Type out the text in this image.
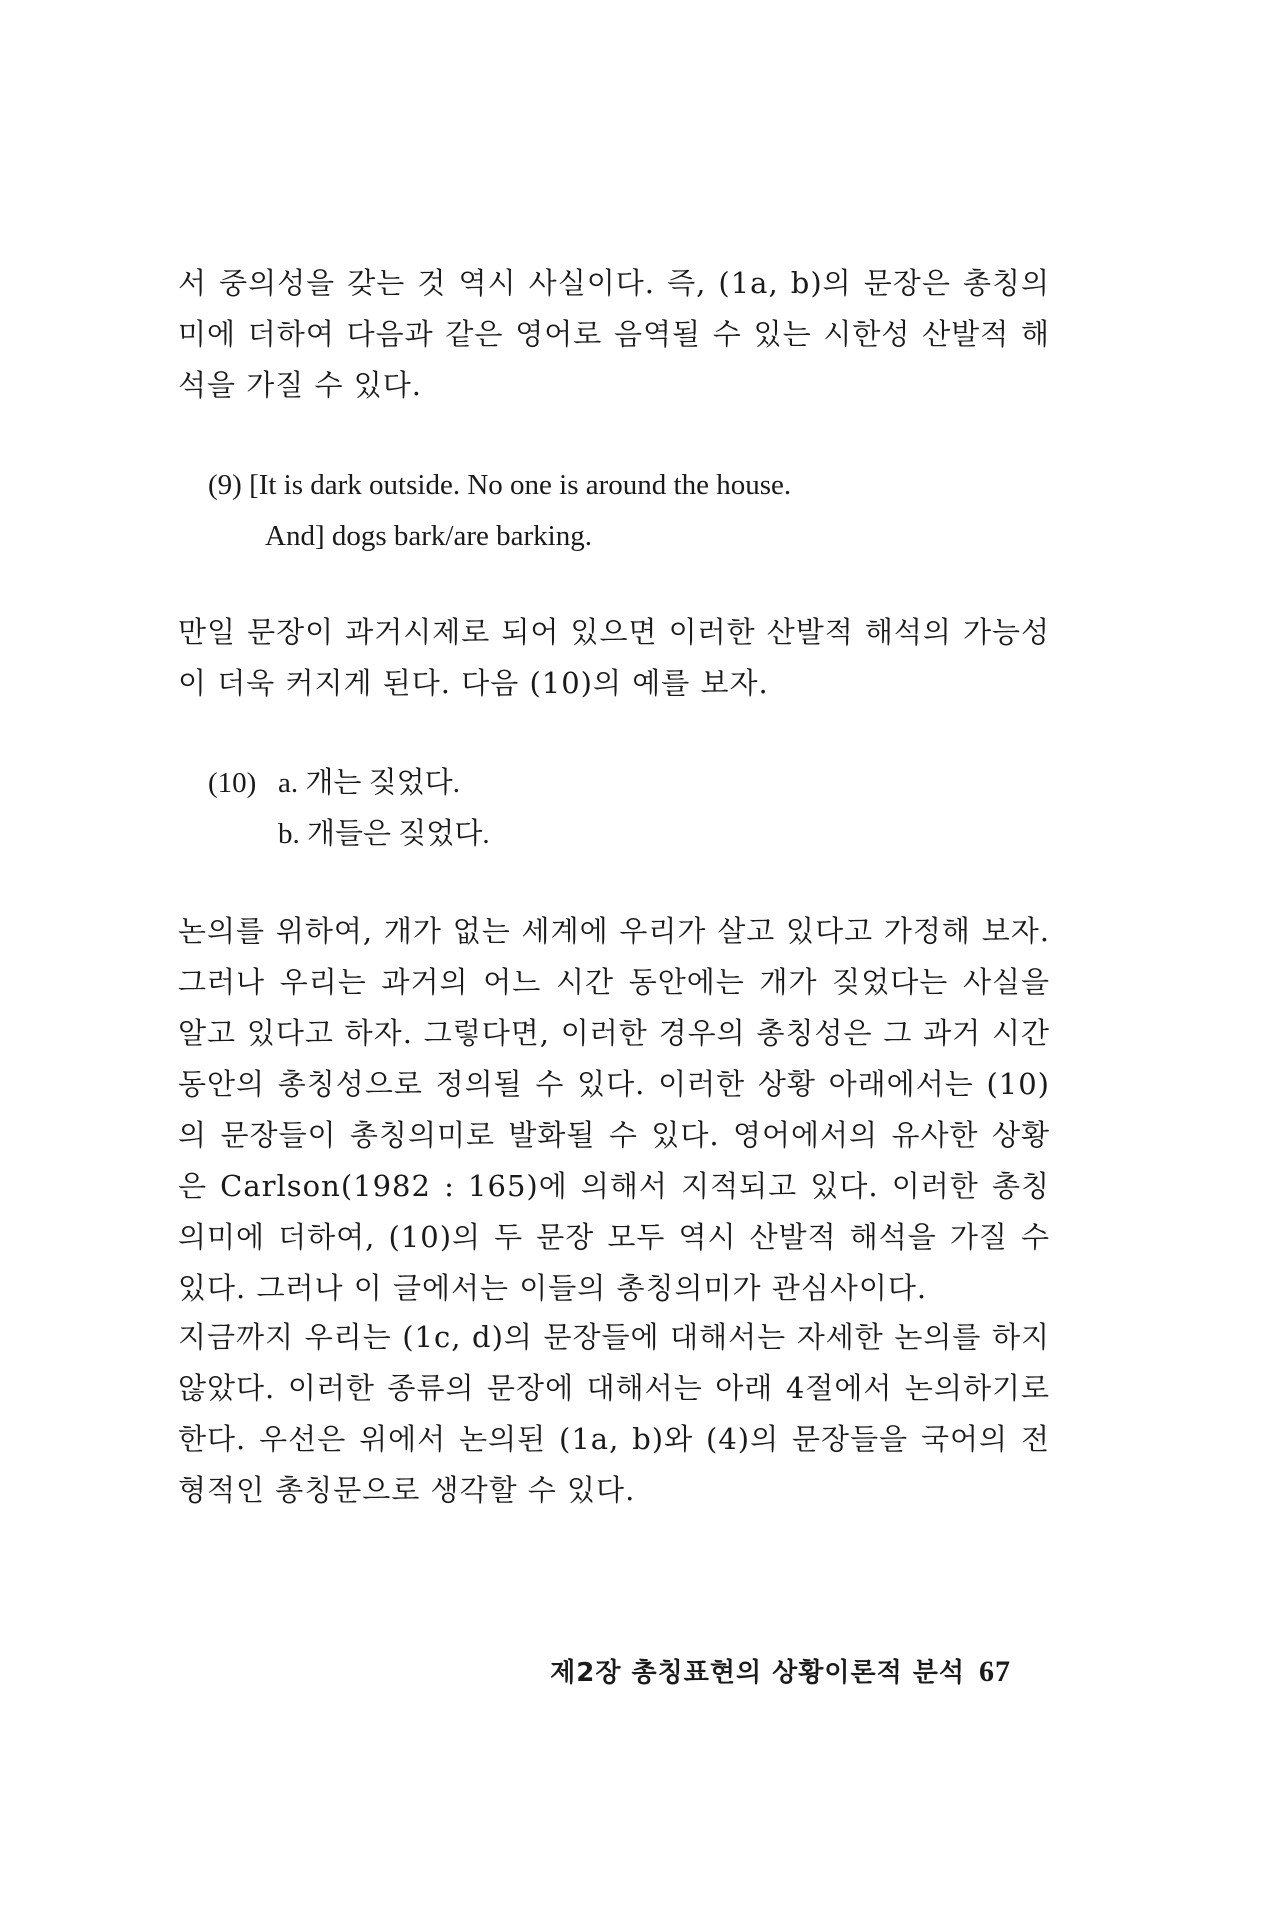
서 중의성을 갖는 것 역시 사실이다. 즉, (1a, b)의 문장은 총칭의미에 더하여 다음과 같은 영어로 음역될 수 있는 시한성 산발적 해석을 가질 수 있다.

(9) [It is dark outside. No one is around the house.
And] dogs bark/are barking.

만일 문장이 과거시제로 되어 있으면 이러한 산발적 해석의 가능성이 더욱 커지게 된다. 다음 (10)의 예를 보자.

(10) a. 개는 짖었다.
b. 개들은 짖었다.

논의를 위하여, 개가 없는 세계에 우리가 살고 있다고 가정해 보자. 그러나 우리는 과거의 어느 시간 동안에는 개가 짖었다는 사실을 알고 있다고 하자. 그렇다면, 이러한 경우의 총칭성은 그 과거 시간 동안의 총칭성으로 정의될 수 있다. 이러한 상황 아래에서는 (10)의 문장들이 총칭의미로 발화될 수 있다. 영어에서의 유사한 상황은 Carlson(1982 : 165)에 의해서 지적되고 있다. 이러한 총칭의미에 더하여, (10)의 두 문장 모두 역시 산발적 해석을 가질 수 있다. 그러나 이 글에서는 이들의 총칭의미가 관심사이다.

지금까지 우리는 (1c, d)의 문장들에 대해서는 자세한 논의를 하지 않았다. 이러한 종류의 문장에 대해서는 아래 4절에서 논의하기로 한다. 우선은 위에서 논의된 (1a, b)와 (4)의 문장들을 국어의 전형적인 총칭문으로 생각할 수 있다.

제2장 총칭표현의 상황이론적 분석 67
